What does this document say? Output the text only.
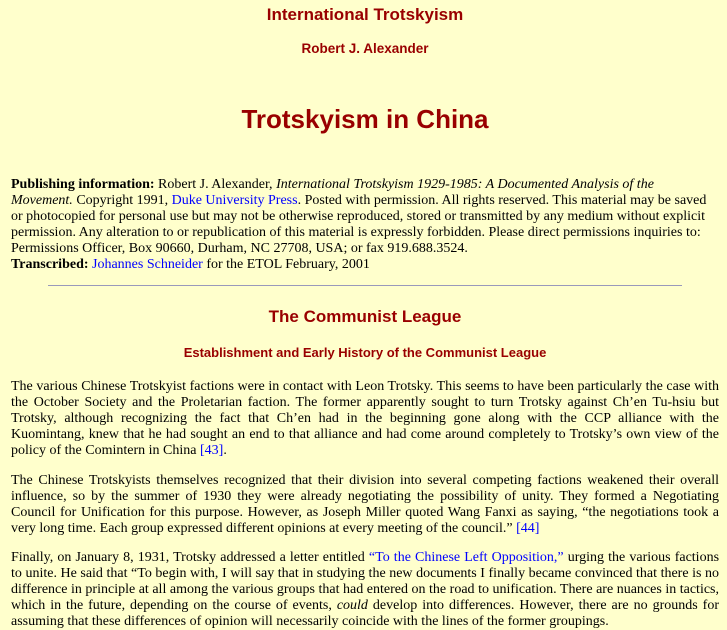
International Trotskyism
Robert J. Alexander
Trotskyism in China

Publishing information: Robert J. Alexander, International Trotskyism 1929-1985: A Documented Analysis of the Movement. Copyright 1991, Duke University Press. Posted with permission. All rights reserved. This material may be saved or photocopied for personal use but may not be otherwise reproduced, stored or transmitted by any medium without explicit permission. Any alteration to or republication of this material is expressly forbidden. Please direct permissions inquiries to: Permissions Officer, Box 90660, Durham, NC 27708, USA; or fax 919.688.3524.
Transcribed: Johannes Schneider for the ETOL February, 2001

The Communist League
Establishment and Early History of the Communist League

The various Chinese Trotskyist factions were in contact with Leon Trotsky. This seems to have been particularly the case with the October Society and the Proletarian faction. The former apparently sought to turn Trotsky against Ch’en Tu-hsiu but Trotsky, although recognizing the fact that Ch’en had in the beginning gone along with the CCP alliance with the Kuomintang, knew that he had sought an end to that alliance and had come around completely to Trotsky’s own view of the policy of the Comintern in China [43].

The Chinese Trotskyists themselves recognized that their division into several competing factions weakened their overall influence, so by the summer of 1930 they were already negotiating the possibility of unity. They formed a Negotiating Council for Unification for this purpose. However, as Joseph Miller quoted Wang Fanxi as saying, “the negotiations took a very long time. Each group expressed different opinions at every meeting of the council.” [44]

Finally, on January 8, 1931, Trotsky addressed a letter entitled “To the Chinese Left Opposition,” urging the various factions to unite. He said that “To begin with, I will say that in studying the new documents I finally became convinced that there is no difference in principle at all among the various groups that had entered on the road to unification. There are nuances in tactics, which in the future, depending on the course of events, could develop into differences. However, there are no grounds for assuming that these differences of opinion will necessarily coincide with the lines of the former groupings.
